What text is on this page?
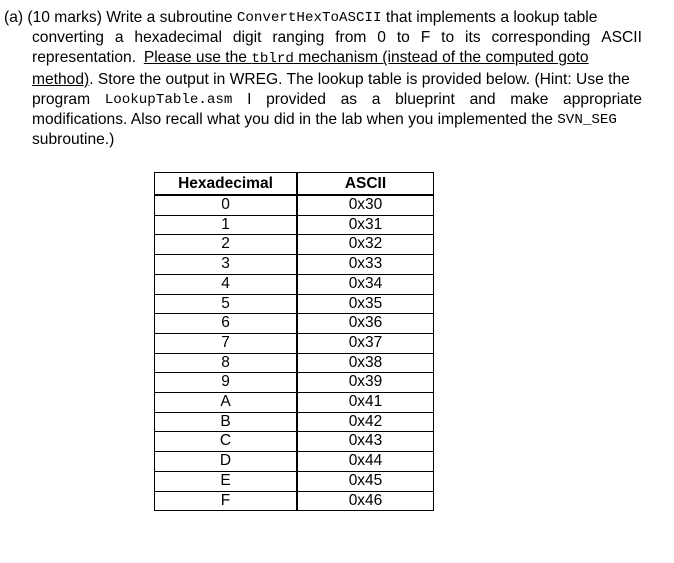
(a) (10 marks) Write a subroutine ConvertHexToASCII that implements a lookup table
converting a hexadecimal digit ranging from 0 to F to its corresponding ASCII
representation. Please use the tblrd mechanism (instead of the computed goto
method) . Store the output in WREG. The lookup table is provided below. (Hint: Use the
program LookupTable.asm I provided as a blueprint and make appropriate
modifications. Also recall what you did in the lab when you implemented the SVN_SEG
subroutine.)
Hexadecimal	ASCII
0	0x30
1	0x31
2	0x32
3	0x33
4	0x34
5	0x35
6	0x36
7	0x37
8	0x38
9	0x39
A	0x41
B	0x42
C	0x43
D	0x44
E	0x45
F	0x46
